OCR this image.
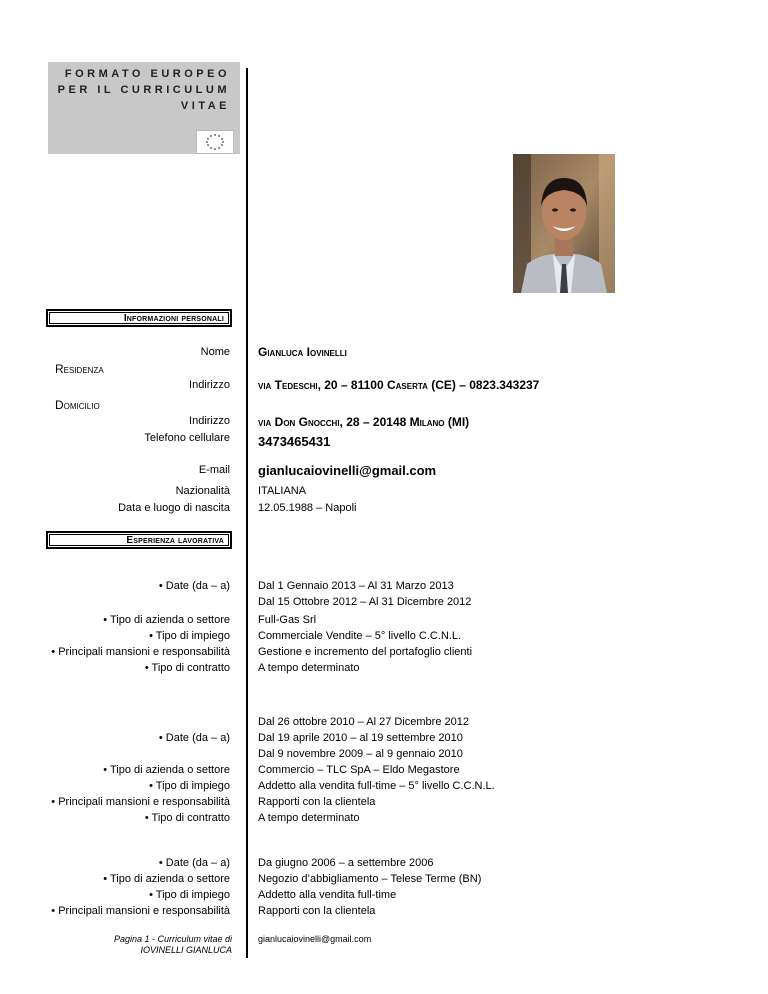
FORMATO EUROPEO
PER IL CURRICULUM
VITAE
Informazioni personali
Nome Gianluca Iovinelli
Residenza
Indirizzo via Tedeschi, 20 – 81100 Caserta (CE) – 0823.343237
Domicilio
Indirizzo via Don Gnocchi, 28 – 20148 Milano (MI)
Telefono cellulare 3473465431
E-mail gianlucaiovinelli@gmail.com
Nazionalità	ITALIANA
Data e luogo di nascita	12.05.1988 – Napoli
Esperienza lavorativa
• Date (da – a)	Dal 1 Gennaio 2013 – Al 31 Marzo 2013
Dal 15 Ottobre 2012 – Al 31 Dicembre 2012
• Tipo di azienda o settore	Full-Gas Srl
• Tipo di impiego	Commerciale Vendite – 5° livello C.C.N.L.
• Principali mansioni e responsabilità	Gestione e incremento del portafoglio clienti
• Tipo di contratto	A tempo determinato
Dal 26 ottobre 2010 – Al 27 Dicembre 2012
• Date (da – a)	Dal 19 aprile 2010 – al 19 settembre 2010
Dal 9 novembre 2009 – al 9 gennaio 2010
• Tipo di azienda o settore	Commercio – TLC SpA – Eldo Megastore
• Tipo di impiego	Addetto alla vendita full-time – 5° livello C.C.N.L.
• Principali mansioni e responsabilità	Rapporti con la clientela
• Tipo di contratto	A tempo determinato
• Date (da – a)	Da giugno 2006 – a settembre 2006
• Tipo di azienda o settore	Negozio d’abbigliamento – Telese Terme (BN)
• Tipo di impiego	Addetto alla vendita full-time
• Principali mansioni e responsabilità	Rapporti con la clientela
Pagina 1 - Curriculum vitae di
IOVINELLI GIANLUCA
gianlucaiovinelli@gmail.com
